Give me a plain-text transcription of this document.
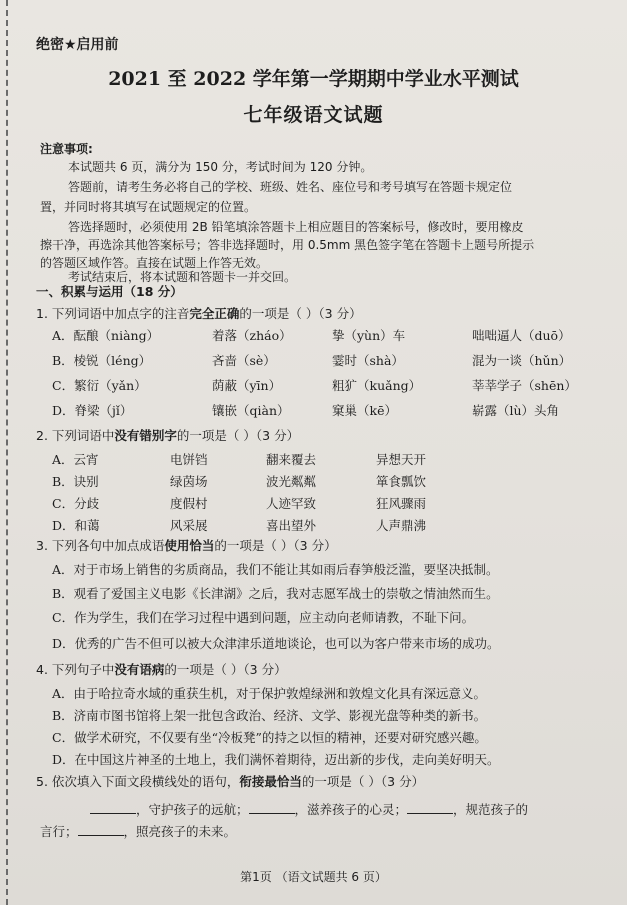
绝密★启用前
2021 至 2022 学年第一学期期中学业水平测试
七年级语文试题
注意事项:
本试题共 6 页，满分为 150 分，考试时间为 120 分钟。
答题前，请考生务必将自己的学校、班级、姓名、座位号和考号填写在答题卡规定位
置，并同时将其填写在试题规定的位置。
答选择题时，必须使用 2B 铅笔填涂答题卡上相应题目的答案标号，修改时，要用橡皮
擦干净，再选涂其他答案标号；答非选择题时，用 0.5mm 黑色签字笔在答题卡上题号所提示
的答题区域作答。直接在试题上作答无效。
考试结束后，将本试题和答题卡一并交回。
一、积累与运用（18 分）
1. 下列词语中加点字的注音完全正确的一项是（ ）（3 分）
A．酝酿（niàng）	着落（zháo）	挚（yùn）车	咄咄逼人（duō）
B．棱锐（léng）	吝啬（sè）	霎时（shà）	混为一谈（hǔn）
C．繁衍（yǎn）	荫蔽（yīn）	粗犷（kuǎng）	莘莘学子（shēn）
D．脊梁（jǐ）	镶嵌（qiàn）	窠巢（kē）	崭露（lù）头角
2. 下列词语中没有错别字的一项是（ ）（3 分）
A．云宵	电饼铛	翻来覆去	异想天开
B．诀别	绿茵场	波光粼粼	箪食瓢饮
C．分歧	度假村	人迹罕致	狂风骤雨
D．和蔼	风采展	喜出望外	人声鼎沸
3. 下列各句中加点成语使用恰当的一项是（ ）（3 分）
A．对于市场上销售的劣质商品，我们不能让其如雨后春笋般泛滥，要坚决抵制。
B．观看了爱国主义电影《长津湖》之后，我对志愿军战士的崇敬之情油然而生。
C．作为学生，我们在学习过程中遇到问题，应主动向老师请教，不耻下问。
D．优秀的广告不但可以被大众津津乐道地谈论，也可以为客户带来市场的成功。
4. 下列句子中没有语病的一项是（ ）（3 分）
A．由于哈拉奇水域的重获生机，对于保护敦煌绿洲和敦煌文化具有深远意义。
B．济南市图书馆将上架一批包含政治、经济、文学、影视光盘等种类的新书。
C．做学术研究，不仅要有坐“冷板凳”的持之以恒的精神，还要对研究感兴趣。
D．在中国这片神圣的土地上，我们满怀着期待，迈出新的步伐，走向美好明天。
5. 依次填入下面文段横线处的语句，衔接最恰当的一项是（ ）（3 分）
，守护孩子的远航；	，滋养孩子的心灵；	，规范孩子的
言行；	，照亮孩子的未来。
第1页 （语文试题共 6 页）
